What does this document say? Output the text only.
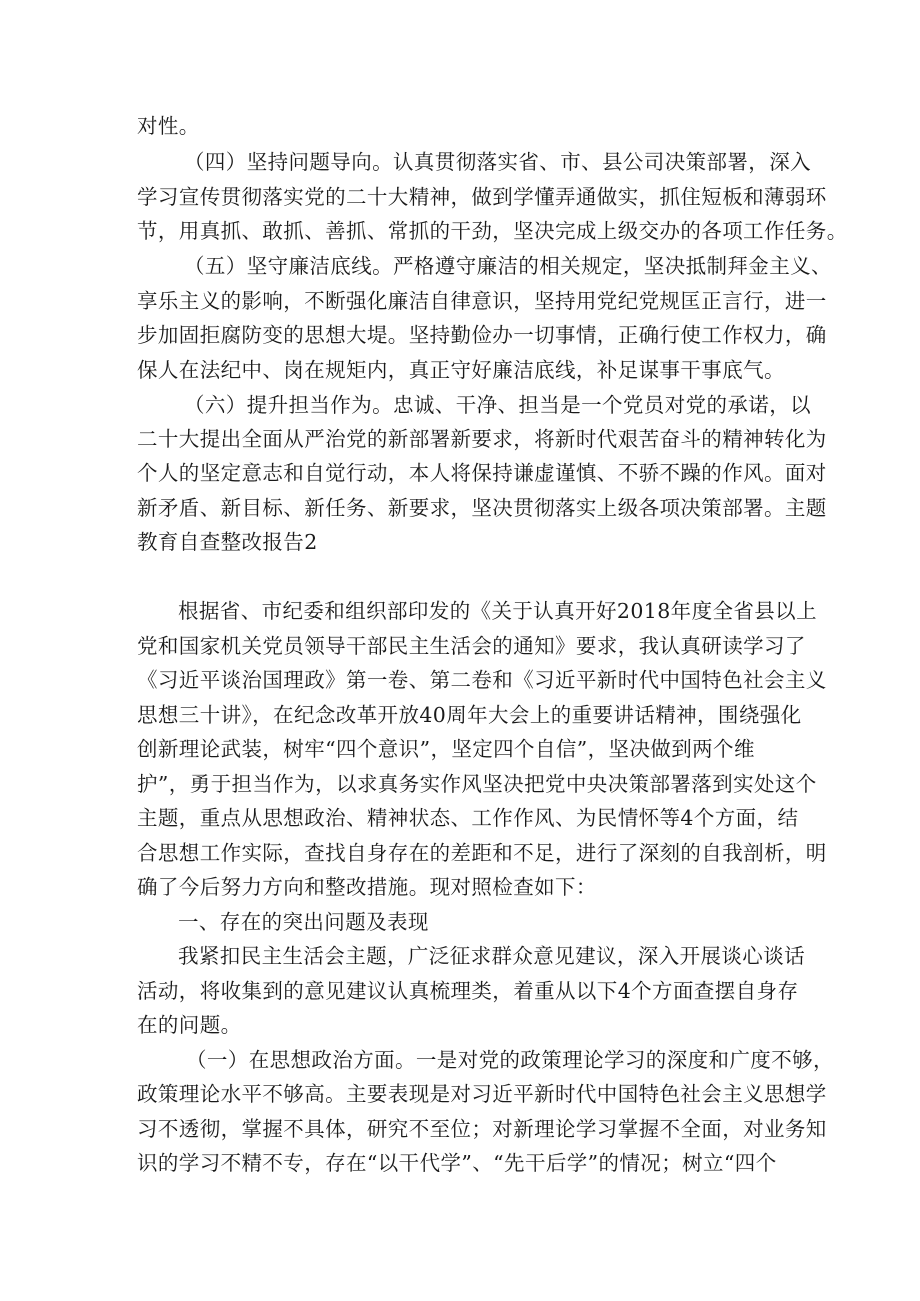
对性。
（四）坚持问题导向。认真贯彻落实省、市、县公司决策部署，深入
学习宣传贯彻落实党的二十大精神，做到学懂弄通做实，抓住短板和薄弱环
节，用真抓、敢抓、善抓、常抓的干劲，坚决完成上级交办的各项工作任务。
（五）坚守廉洁底线。严格遵守廉洁的相关规定，坚决抵制拜金主义、
享乐主义的影响，不断强化廉洁自律意识，坚持用党纪党规匡正言行，进一
步加固拒腐防变的思想大堤。坚持勤俭办一切事情，正确行使工作权力，确
保人在法纪中、岗在规矩内，真正守好廉洁底线，补足谋事干事底气。
（六）提升担当作为。忠诚、干净、担当是一个党员对党的承诺，以
二十大提出全面从严治党的新部署新要求，将新时代艰苦奋斗的精神转化为
个人的坚定意志和自觉行动，本人将保持谦虚谨慎、不骄不躁的作风。面对
新矛盾、新目标、新任务、新要求，坚决贯彻落实上级各项决策部署。主题
教育自查整改报告2
根据省、市纪委和组织部印发的《关于认真开好2018年度全省县以上
党和国家机关党员领导干部民主生活会的通知》要求，我认真研读学习了
《习近平谈治国理政》第一卷、第二卷和《习近平新时代中国特色社会主义
思想三十讲》，在纪念改革开放40周年大会上的重要讲话精神，围绕强化
创新理论武装，树牢“四个意识”，坚定四个自信”，坚决做到两个维
护”，勇于担当作为，以求真务实作风坚决把党中央决策部署落到实处这个
主题，重点从思想政治、精神状态、工作作风、为民情怀等4个方面，结
合思想工作实际，查找自身存在的差距和不足，进行了深刻的自我剖析，明
确了今后努力方向和整改措施。现对照检查如下：
一、存在的突出问题及表现
我紧扣民主生活会主题，广泛征求群众意见建议，深入开展谈心谈话
活动，将收集到的意见建议认真梳理类，着重从以下4个方面查摆自身存
在的问题。
（一）在思想政治方面。一是对党的政策理论学习的深度和广度不够，
政策理论水平不够高。主要表现是对习近平新时代中国特色社会主义思想学
习不透彻，掌握不具体，研究不至位；对新理论学习掌握不全面，对业务知
识的学习不精不专，存在“以干代学”、“先干后学”的情况；树立“四个
